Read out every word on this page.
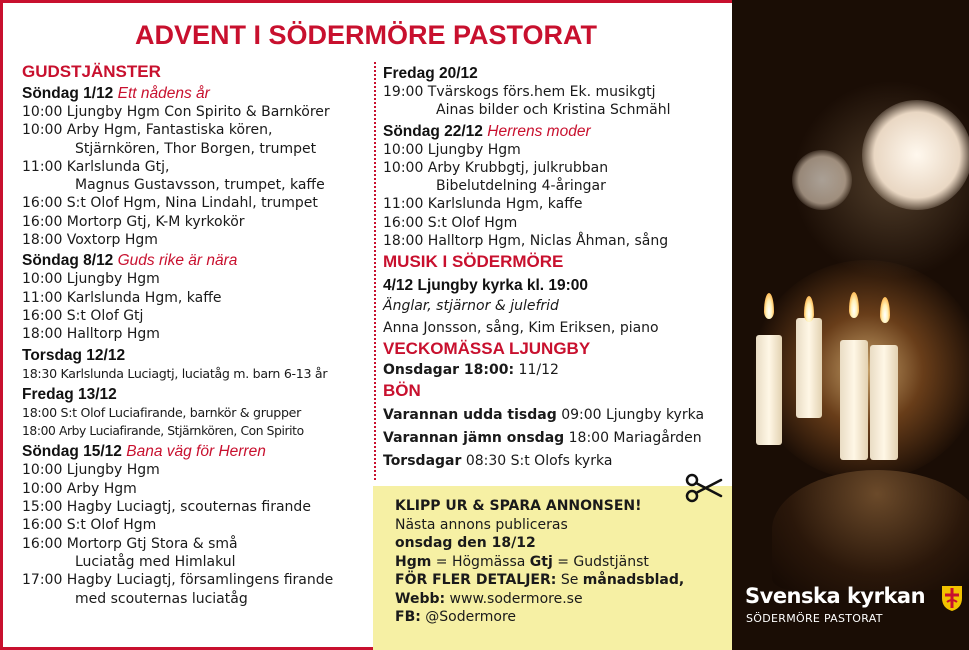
Svenska kyrkan
SÖDERMÖRE PASTORAT
ADVENT I SÖDERMÖRE PASTORAT
GUDSTJÄNSTER
Söndag 1/12 Ett nådens år
10:00 Ljungby Hgm Con Spirito & Barnkörer
10:00 Arby Hgm, Fantastiska kören,
Stjärnkören, Thor Borgen, trumpet
11:00 Karlslunda Gtj,
Magnus Gustavsson, trumpet, kaffe
16:00 S:t Olof Hgm, Nina Lindahl, trumpet
16:00 Mortorp Gtj, K-M kyrkokör
18:00 Voxtorp Hgm
Söndag 8/12 Guds rike är nära
10:00 Ljungby Hgm
11:00 Karlslunda Hgm, kaffe
16:00 S:t Olof Gtj
18:00 Halltorp Hgm
Torsdag 12/12
18:30 Karlslunda Luciagtj, luciatåg m. barn 6-13 år
Fredag 13/12
18:00 S:t Olof Luciafirande, barnkör & grupper
18:00 Arby Luciafirande, Stjärnkören, Con Spirito
Söndag 15/12 Bana väg för Herren
10:00 Ljungby Hgm
10:00 Arby Hgm
15:00 Hagby Luciagtj, scouternas firande
16:00 S:t Olof Hgm
16:00 Mortorp Gtj Stora & små
Luciatåg med Himlakul
17:00 Hagby Luciagtj, församlingens firande
med scouternas luciatåg
Fredag 20/12
19:00 Tvärskogs förs.hem Ek. musikgtj
Ainas bilder och Kristina Schmähl
Söndag 22/12 Herrens moder
10:00 Ljungby Hgm
10:00 Arby Krubbgtj, julkrubban
Bibelutdelning 4-åringar
11:00 Karlslunda Hgm, kaffe
16:00 S:t Olof Hgm
18:00 Halltorp Hgm, Niclas Åhman, sång
MUSIK I SÖDERMÖRE
4/12 Ljungby kyrka kl. 19:00
Änglar, stjärnor & julefrid
Anna Jonsson, sång, Kim Eriksen, piano
VECKOMÄSSA LJUNGBY
Onsdagar 18:00: 11/12
BÖN
Varannan udda tisdag 09:00 Ljungby kyrka
Varannan jämn onsdag 18:00 Mariagården
Torsdagar 08:30 S:t Olofs kyrka
KLIPP UR & SPARA ANNONSEN!
Nästa annons publiceras
onsdag den 18/12
Hgm = Högmässa Gtj = Gudstjänst
FÖR FLER DETALJER: Se månadsblad,
Webb: www.sodermore.se
FB: @Sodermore
